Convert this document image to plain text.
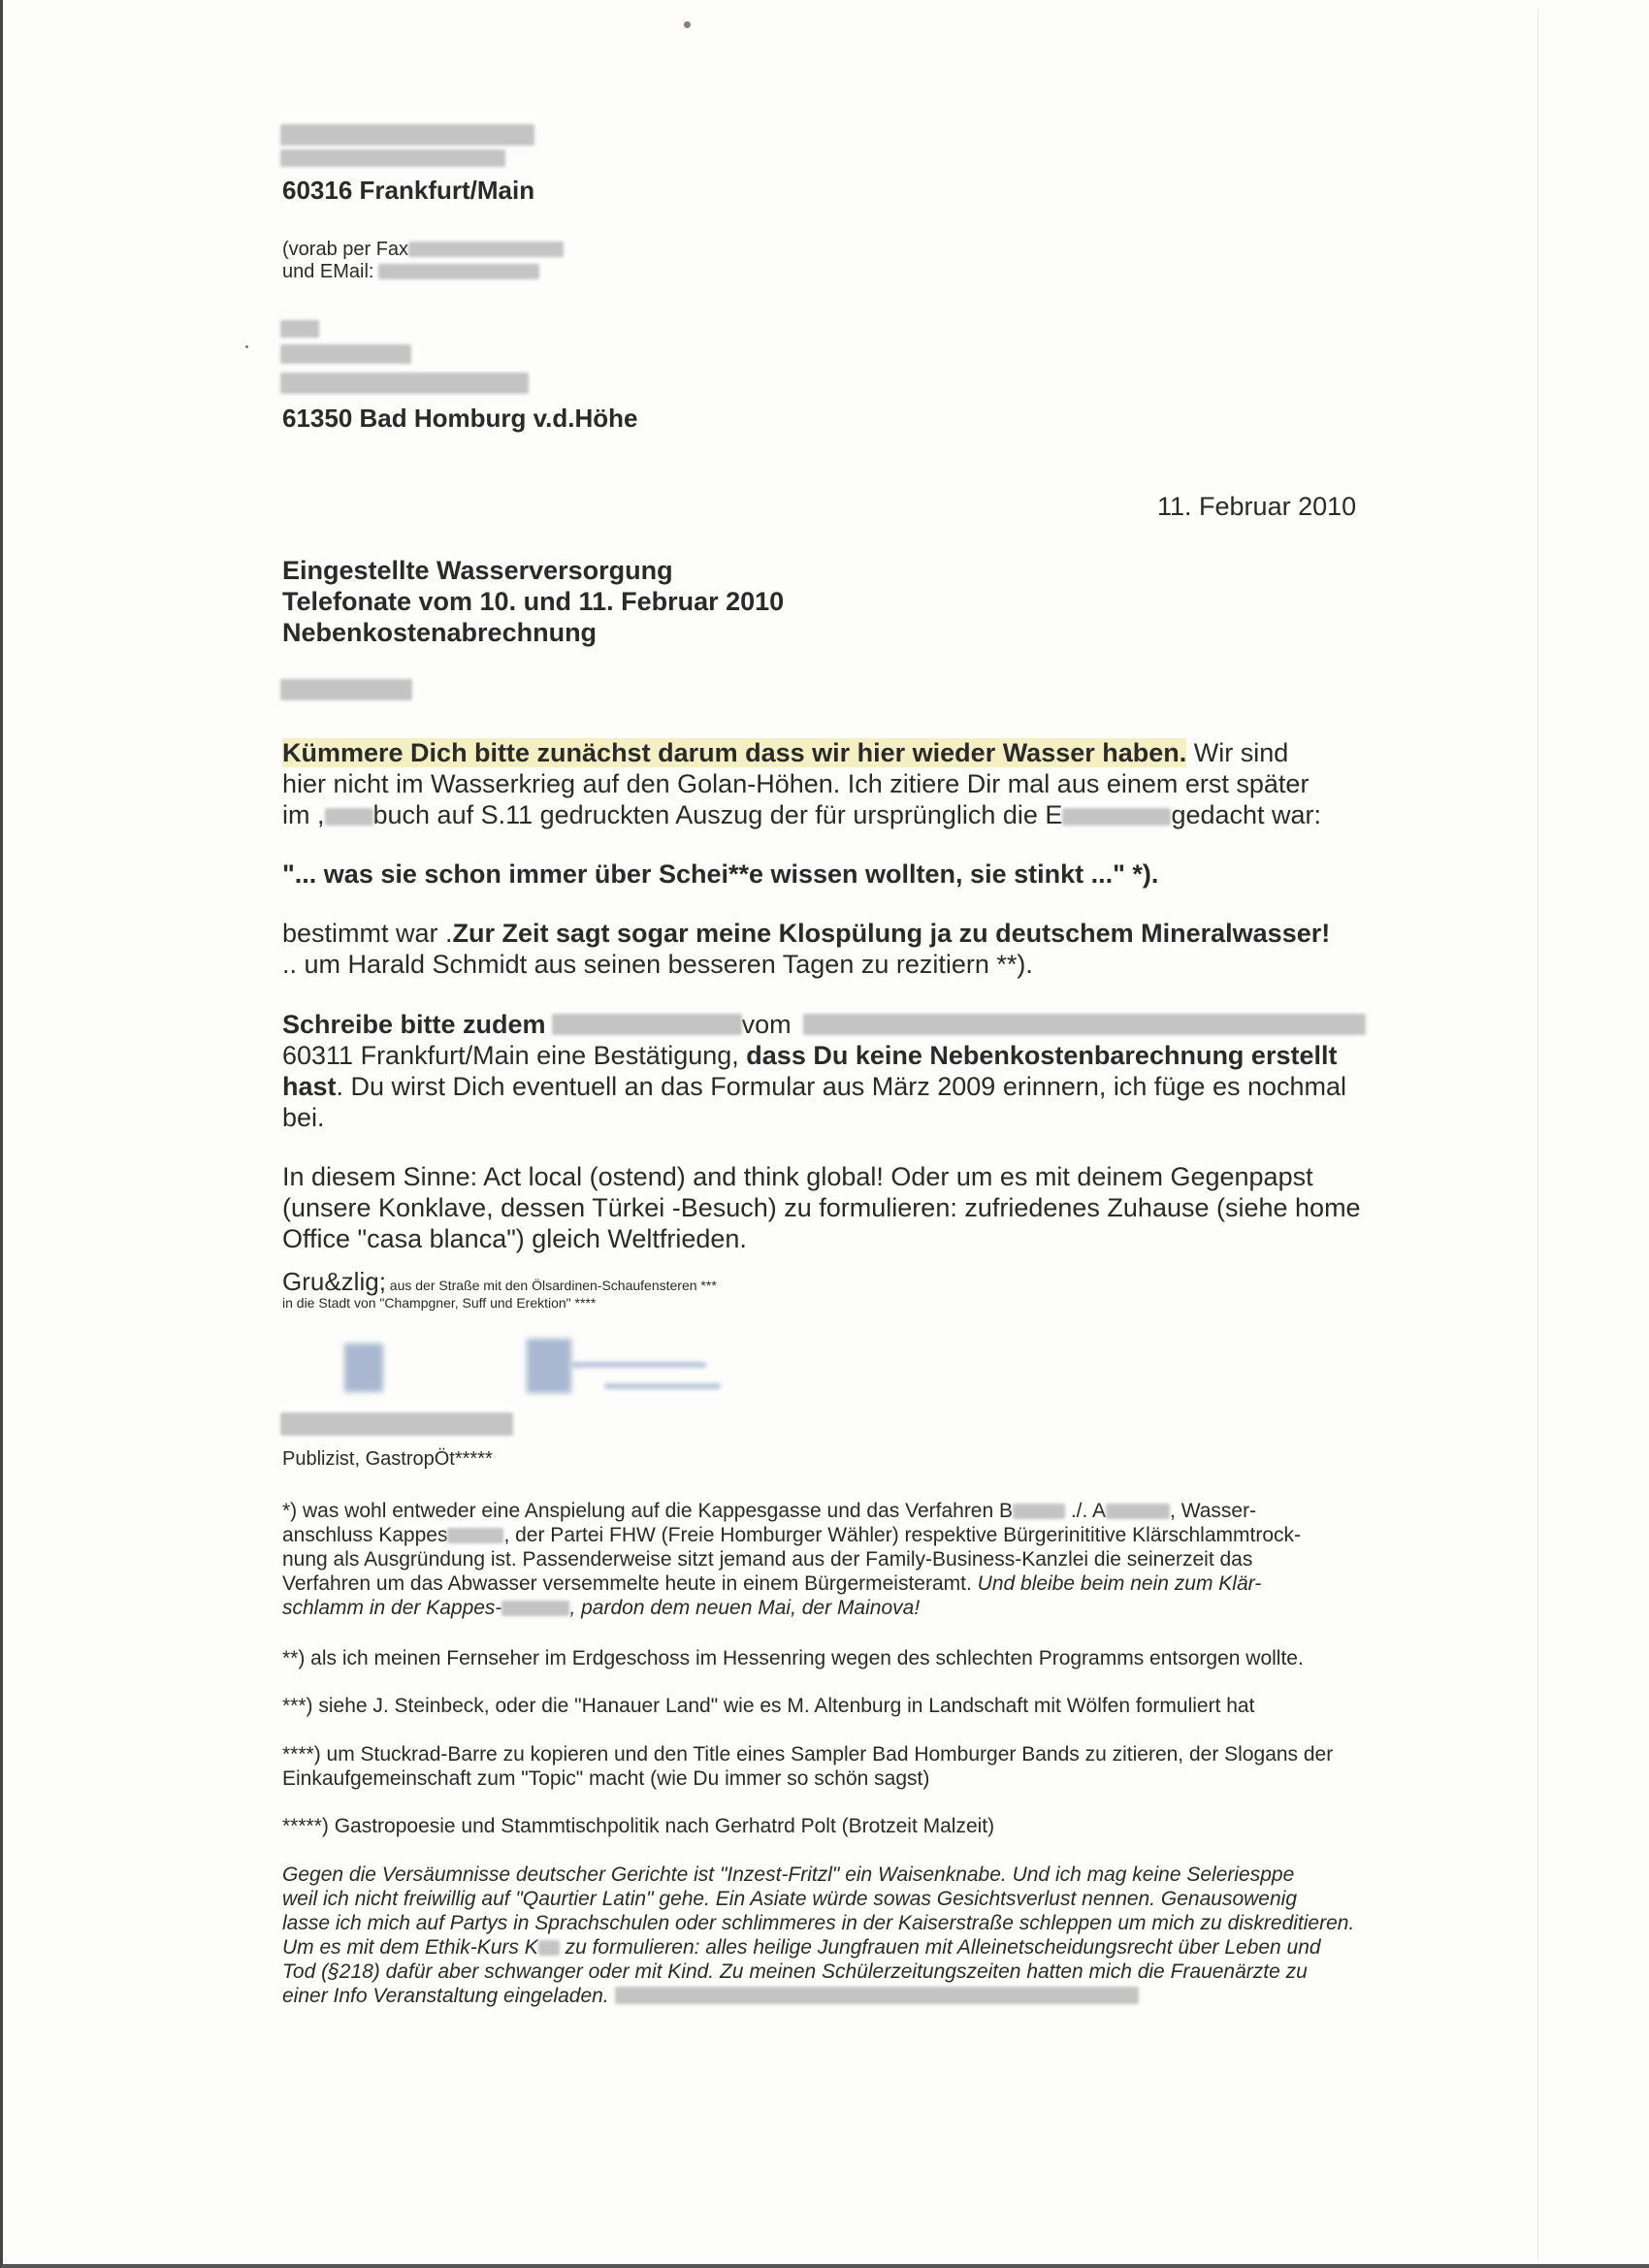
60316 Frankfurt/Main
(vorab per Fax
und EMail:
61350 Bad Homburg v.d.Höhe
11. Februar 2010
Eingestellte Wasserversorgung
Telefonate vom 10. und 11. Februar 2010
Nebenkostenabrechnung
Kümmere Dich bitte zunächst darum dass wir hier wieder Wasser haben. Wir sind
hier nicht im Wasserkrieg auf den Golan-Höhen. Ich zitiere Dir mal aus einem erst später
im , buch auf S.11 gedruckten Auszug der für ursprünglich die E	gedacht war:
"... was sie schon immer über Schei**e wissen wollten, sie stinkt ..." *).
bestimmt war .Zur Zeit sagt sogar meine Klospülung ja zu deutschem Mineralwasser!
.. um Harald Schmidt aus seinen besseren Tagen zu rezitiern **).
Schreibe bitte zudem	vom
60311 Frankfurt/Main eine Bestätigung, dass Du keine Nebenkostenbarechnung erstellt
hast. Du wirst Dich eventuell an das Formular aus März 2009 erinnern, ich füge es nochmal
bei.
In diesem Sinne: Act local (ostend) and think global! Oder um es mit deinem Gegenpapst
(unsere Konklave, dessen Türkei -Besuch) zu formulieren: zufriedenes Zuhause (siehe home
Office "casa blanca") gleich Weltfrieden.
Gru&zlig; aus der Straße mit den Ölsardinen-Schaufensteren ***
in die Stadt von "Champgner, Suff und Erektion" ****
Publizist, GastropÖt*****
*) was wohl entweder eine Anspielung auf die Kappesgasse und das Verfahren B	./. A	, Wasser-
anschluss Kappes	, der Partei FHW (Freie Homburger Wähler) respektive Bürgerinititive Klärschlammtrock-
nung als Ausgründung ist. Passenderweise sitzt jemand aus der Family-Business-Kanzlei die seinerzeit das
Verfahren um das Abwasser versemmelte heute in einem Bürgermeisteramt. Und bleibe beim nein zum Klär-
schlamm in der Kappes-	, pardon dem neuen Mai, der Mainova!
**) als ich meinen Fernseher im Erdgeschoss im Hessenring wegen des schlechten Programms entsorgen wollte.
***) siehe J. Steinbeck, oder die "Hanauer Land" wie es M. Altenburg in Landschaft mit Wölfen formuliert hat
****) um Stuckrad-Barre zu kopieren und den Title eines Sampler Bad Homburger Bands zu zitieren, der Slogans der
Einkaufgemeinschaft zum "Topic" macht (wie Du immer so schön sagst)
*****) Gastropoesie und Stammtischpolitik nach Gerhatrd Polt (Brotzeit Malzeit)
Gegen die Versäumnisse deutscher Gerichte ist "Inzest-Fritzl" ein Waisenknabe. Und ich mag keine Seleriesppe
weil ich nicht freiwillig auf "Qaurtier Latin" gehe. Ein Asiate würde sowas Gesichtsverlust nennen. Genausowenig
lasse ich mich auf Partys in Sprachschulen oder schlimmeres in der Kaiserstraße schleppen um mich zu diskreditieren.
Um es mit dem Ethik-Kurs K zu formulieren: alles heilige Jungfrauen mit Alleinetscheidungsrecht über Leben und
Tod (§218) dafür aber schwanger oder mit Kind. Zu meinen Schülerzeitungszeiten hatten mich die Frauenärzte zu
einer Info Veranstaltung eingeladen.
